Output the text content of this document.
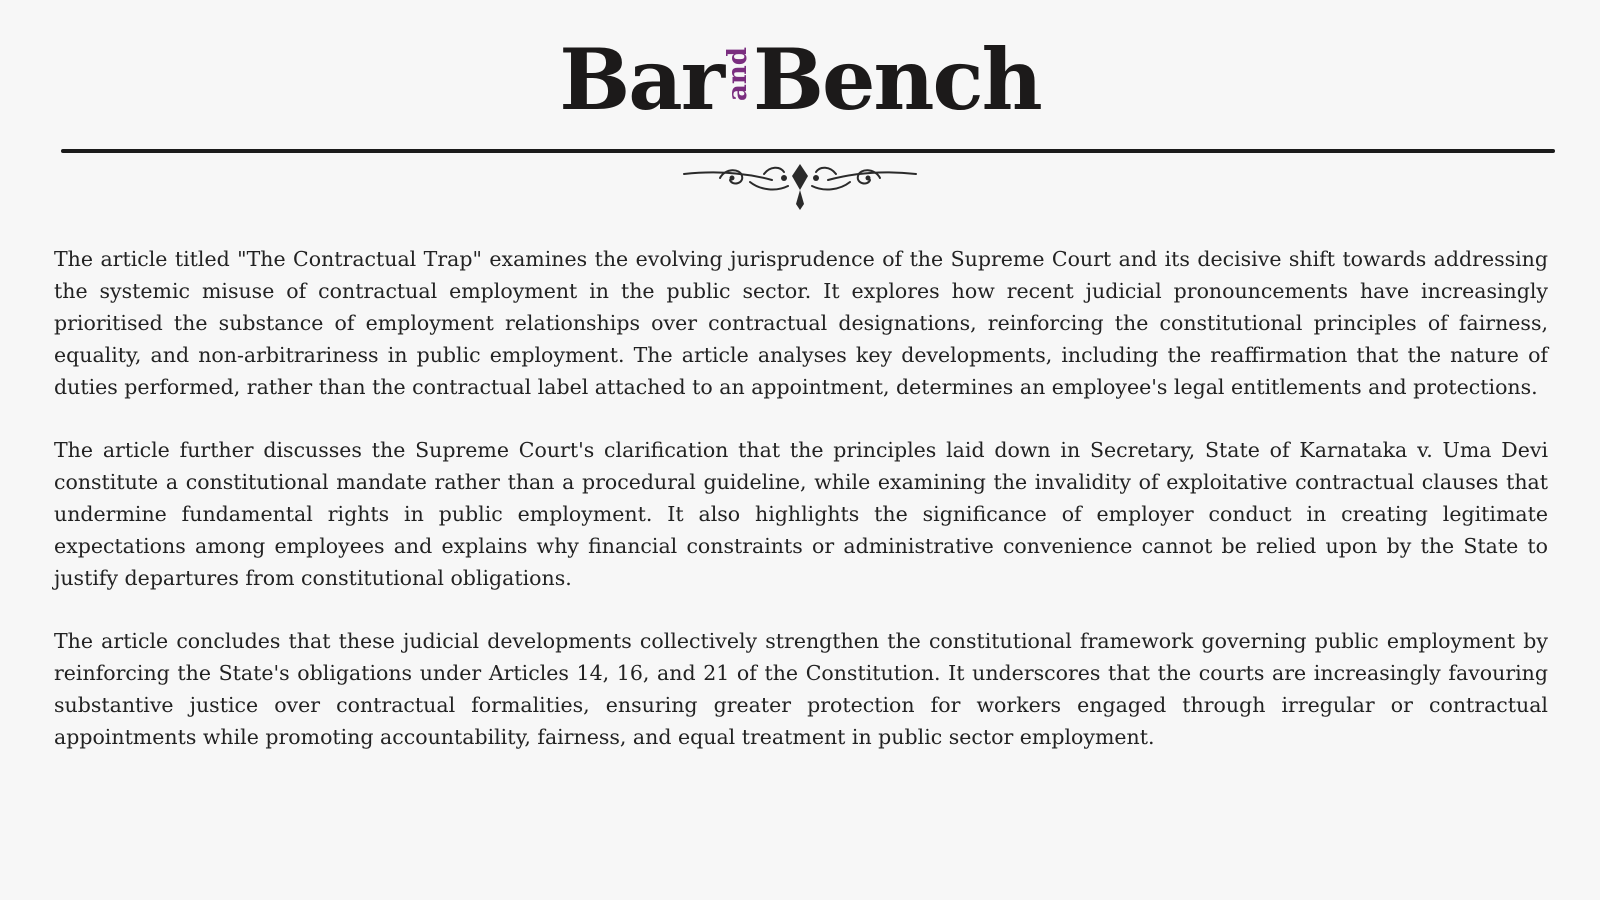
Bar and Bench

The article titled "The Contractual Trap" examines the evolving jurisprudence of the Supreme Court and its decisive shift towards addressing the systemic misuse of contractual employment in the public sector. It explores how recent judicial pronouncements have increasingly prioritised the substance of employment relationships over contractual designations, reinforcing the constitutional principles of fairness, equality, and non-arbitrariness in public employment. The article analyses key developments, including the reaffirmation that the nature of duties performed, rather than the contractual label attached to an appointment, determines an employee's legal entitlements and protections.

The article further discusses the Supreme Court's clarification that the principles laid down in Secretary, State of Karnataka v. Uma Devi constitute a constitutional mandate rather than a procedural guideline, while examining the invalidity of exploitative contractual clauses that undermine fundamental rights in public employment. It also highlights the significance of employer conduct in creating legitimate expectations among employees and explains why financial constraints or administrative convenience cannot be relied upon by the State to justify departures from constitutional obligations.

The article concludes that these judicial developments collectively strengthen the constitutional framework governing public employment by reinforcing the State's obligations under Articles 14, 16, and 21 of the Constitution. It underscores that the courts are increasingly favouring substantive justice over contractual formalities, ensuring greater protection for workers engaged through irregular or contractual appointments while promoting accountability, fairness, and equal treatment in public sector employment.
